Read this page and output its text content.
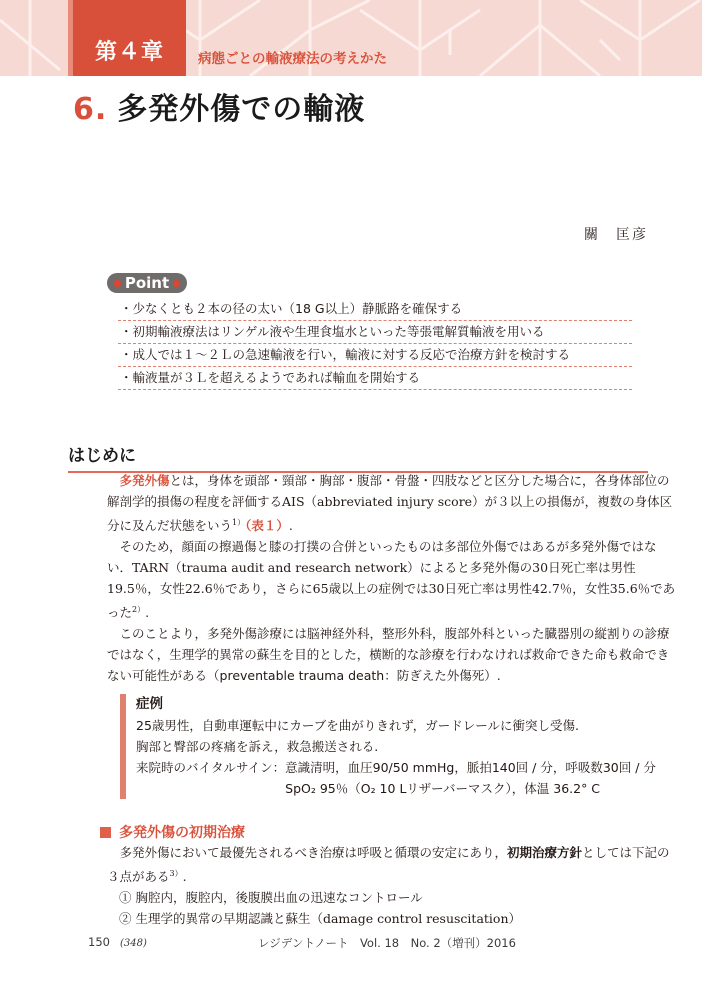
第４章	病態ごとの輸液療法の考えかた
6. 多発外傷での輸液
關　匡彦
Point
・少なくとも２本の径の太い（18 G以上）静脈路を確保する
・初期輸液療法はリンゲル液や生理食塩水といった等張電解質輸液を用いる
・成人では１〜２Ｌの急速輸液を行い，輸液に対する反応で治療方針を検討する
・輸液量が３Ｌを超えるようであれば輸血を開始する
はじめに

多発外傷とは，身体を頭部・頸部・胸部・腹部・骨盤・四肢などと区分した場合に，各身体部位の解剖学的損傷の程度を評価するAIS（abbreviated injury score）が３以上の損傷が，複数の身体区分に及んだ状態をいう$^{1)}$（表１）.

そのため，顔面の擦過傷と膝の打撲の合併といったものは多部位外傷ではあるが多発外傷ではない．TARN（trauma audit and research network）によると多発外傷の30日死亡率は男性19.5％，女性22.6％であり，さらに65歳以上の症例では30日死亡率は男性42.7％，女性35.6％であった$^{2)}$.

このことより，多発外傷診療には脳神経外科，整形外科，腹部外科といった臓器別の縦割りの診療ではなく，生理学的異常の蘇生を目的とした，横断的な診療を行わなければ救命できた命も救命できない可能性がある（preventable trauma death：防ぎえた外傷死）.

症例
25歳男性，自動車運転中にカーブを曲がりきれず，ガードレールに衝突し受傷.
胸部と臀部の疼痛を訴え，救急搬送される.
来院時のバイタルサイン： 意識清明，血圧90/50 mmHg，脈拍140回 / 分，呼吸数30回 / 分
SpO₂ 95％（O₂ 10 Lリザーバーマスク），体温 36.2° C
多発外傷の初期治療

多発外傷において最優先されるべき治療は呼吸と循環の安定にあり，初期治療方針としては下記の３点がある$^{3)}$.

① 胸腔内，腹腔内，後腹膜出血の迅速なコントロール
② 生理学的異常の早期認識と蘇生（damage control resuscitation）
150 (348)	レジデントノート　Vol. 18　No. 2（増刊）2016
